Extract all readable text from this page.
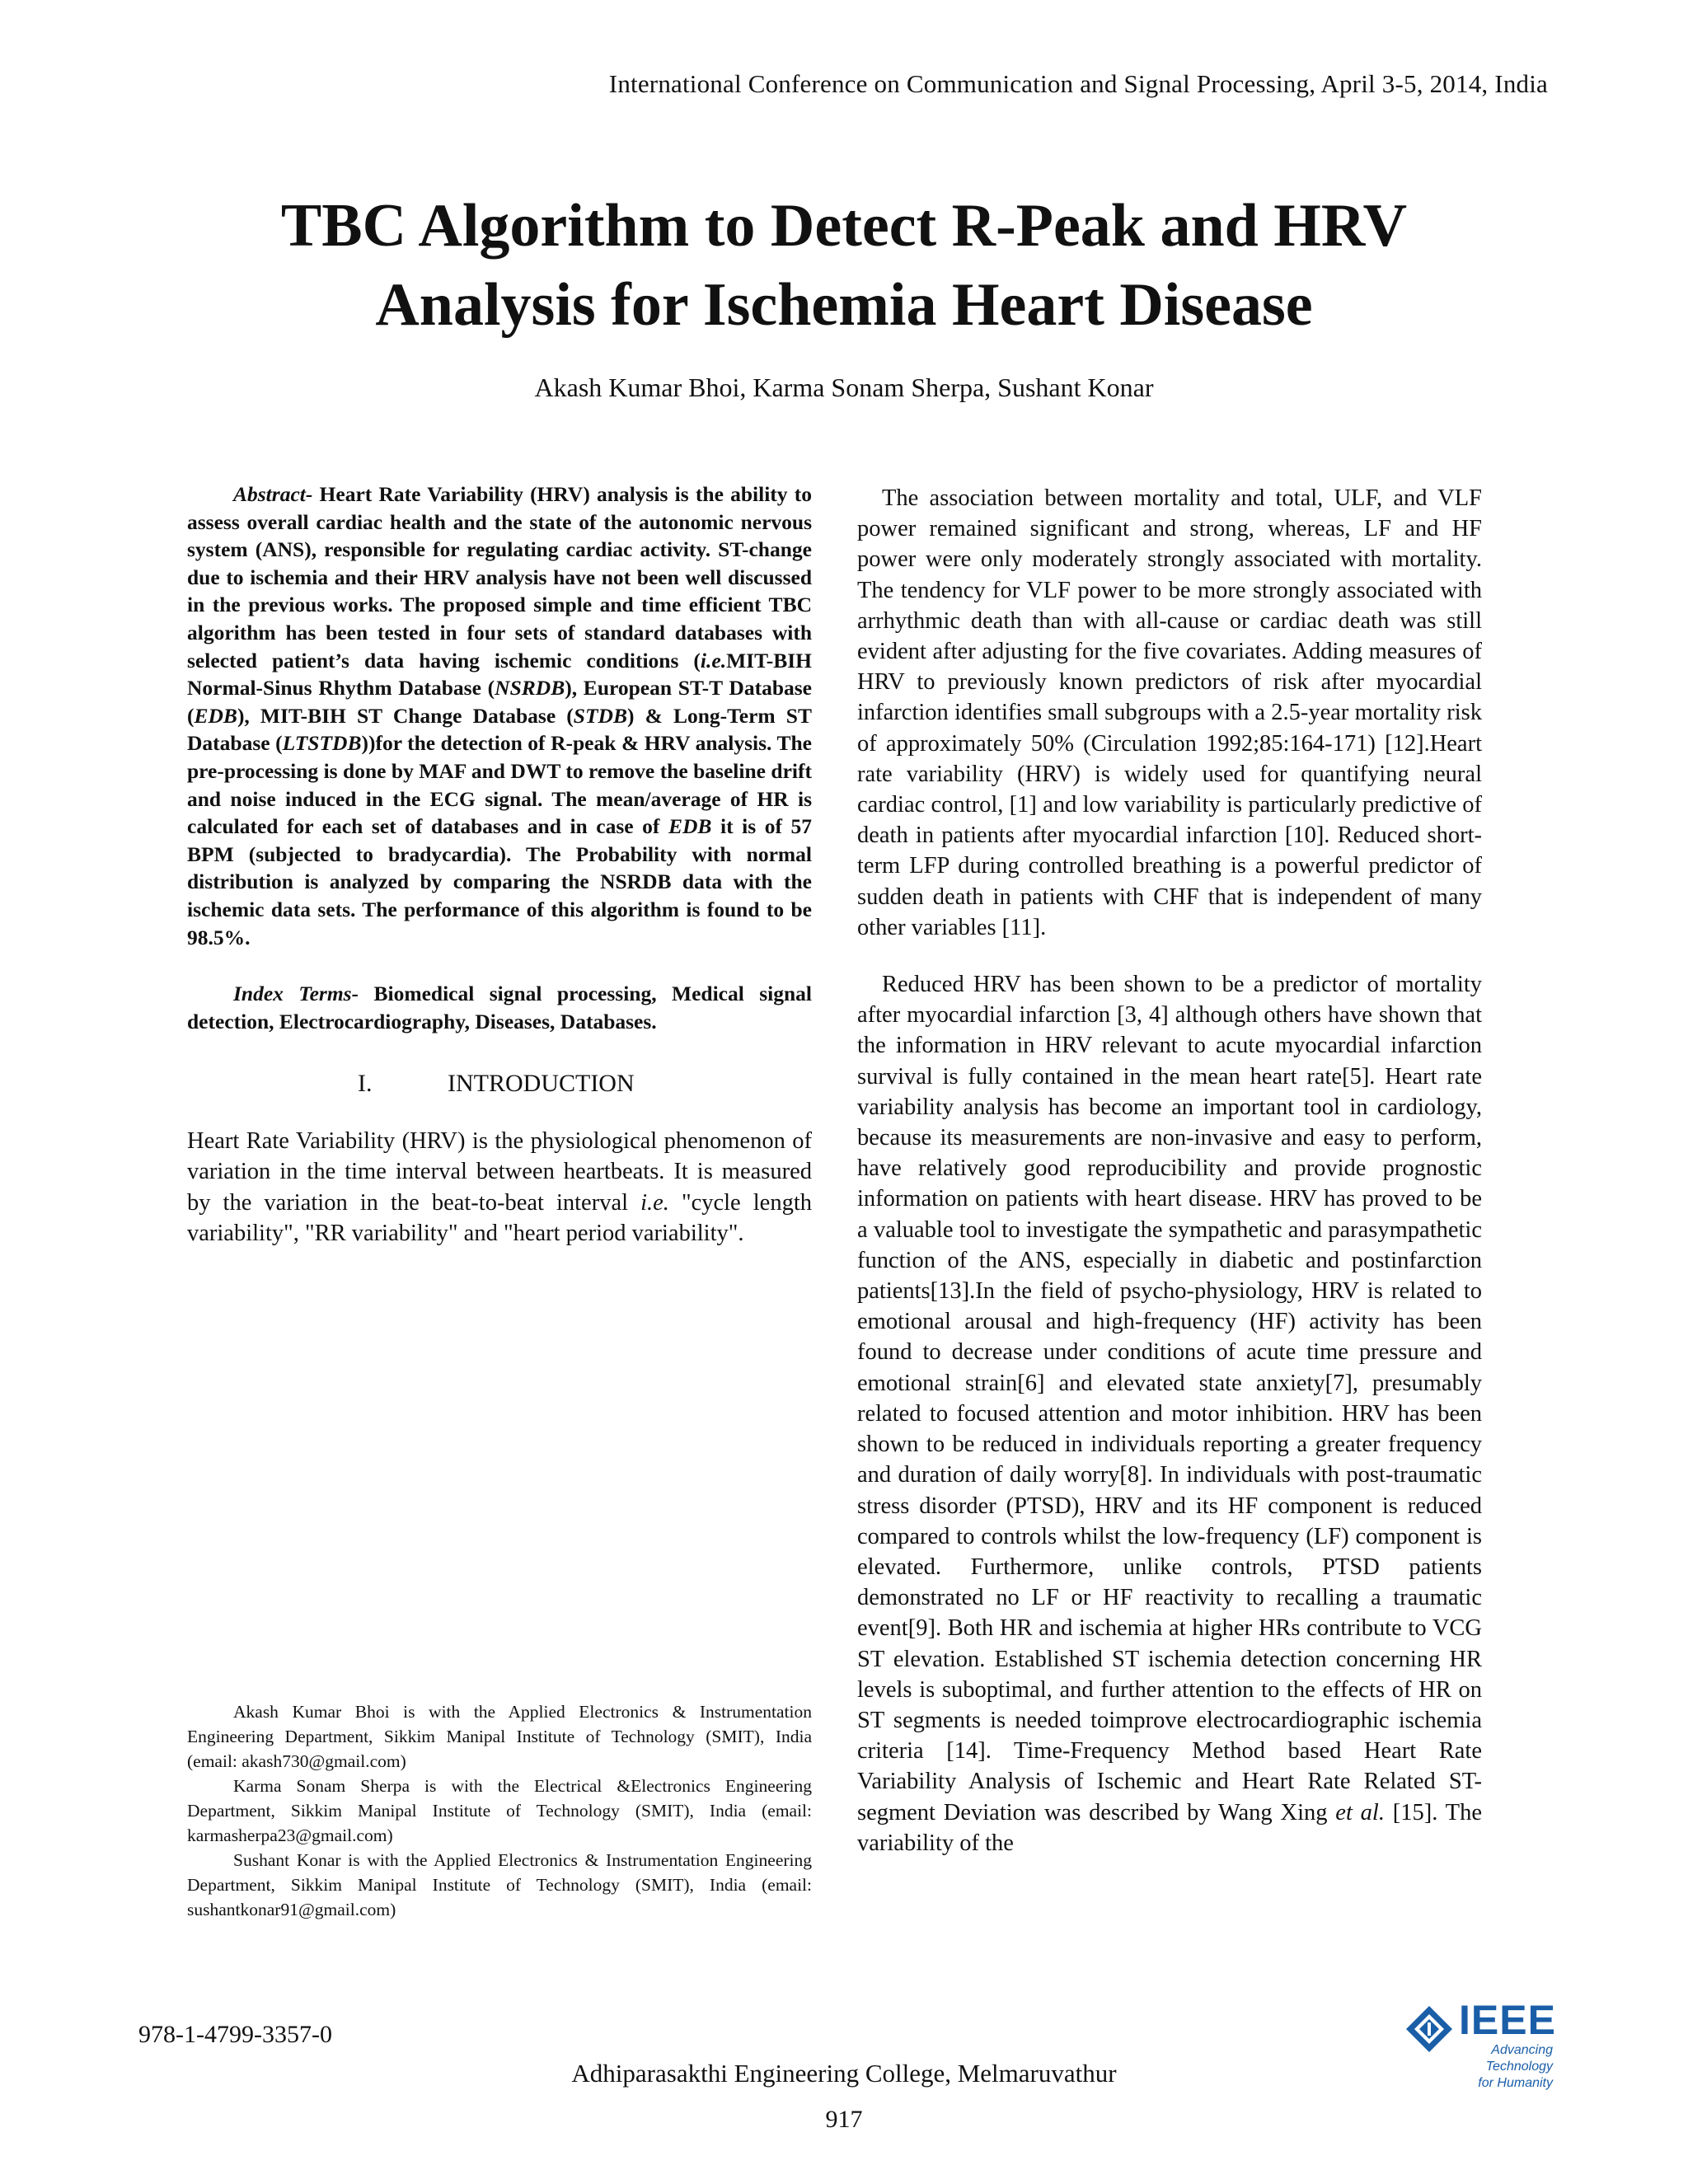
International Conference on Communication and Signal Processing, April 3-5, 2014, India
TBC Algorithm to Detect R-Peak and HRV
Analysis for Ischemia Heart Disease
Akash Kumar Bhoi, Karma Sonam Sherpa, Sushant Konar

Abstract- Heart Rate Variability (HRV) analysis is the ability to assess overall cardiac health and the state of the autonomic nervous system (ANS), responsible for regulating cardiac activity. ST-change due to ischemia and their HRV analysis have not been well discussed in the previous works. The proposed simple and time efficient TBC algorithm has been tested in four sets of standard databases with selected patient’s data having ischemic conditions (i.e.MIT-BIH Normal-Sinus Rhythm Database (NSRDB), European ST-T Database (EDB), MIT-BIH ST Change Database (STDB) & Long-Term ST Database (LTSTDB))for the detection of R-peak & HRV analysis. The pre-processing is done by MAF and DWT to remove the baseline drift and noise induced in the ECG signal. The mean/average of HR is calculated for each set of databases and in case of EDB it is of 57 BPM (subjected to bradycardia). The Probability with normal distribution is analyzed by comparing the NSRDB data with the ischemic data sets. The performance of this algorithm is found to be 98.5%.

Index Terms- Biomedical signal processing, Medical signal detection, Electrocardiography, Diseases, Databases.

I.	INTRODUCTION

Heart Rate Variability (HRV) is the physiological phenomenon of variation in the time interval between heartbeats. It is measured by the variation in the beat-to-beat interval i.e. "cycle length variability", "RR variability" and "heart period variability".

Akash Kumar Bhoi is with the Applied Electronics & Instrumentation Engineering Department, Sikkim Manipal Institute of Technology (SMIT), India (email: akash730@gmail.com)

Karma Sonam Sherpa is with the Electrical &Electronics Engineering Department, Sikkim Manipal Institute of Technology (SMIT), India (email: karmasherpa23@gmail.com)

Sushant Konar is with the Applied Electronics & Instrumentation Engineering Department, Sikkim Manipal Institute of Technology (SMIT), India (email: sushantkonar91@gmail.com)

The association between mortality and total, ULF, and VLF power remained significant and strong, whereas, LF and HF power were only moderately strongly associated with mortality. The tendency for VLF power to be more strongly associated with arrhythmic death than with all-cause or cardiac death was still evident after adjusting for the five covariates. Adding measures of HRV to previously known predictors of risk after myocardial infarction identifies small subgroups with a 2.5-year mortality risk of approximately 50% (Circulation 1992;85:164-171) [12].Heart rate variability (HRV) is widely used for quantifying neural cardiac control, [1] and low variability is particularly predictive of death in patients after myocardial infarction [10]. Reduced short-term LFP during controlled breathing is a powerful predictor of sudden death in patients with CHF that is independent of many other variables [11].

Reduced HRV has been shown to be a predictor of mortality after myocardial infarction [3, 4] although others have shown that the information in HRV relevant to acute myocardial infarction survival is fully contained in the mean heart rate[5]. Heart rate variability analysis has become an important tool in cardiology, because its measurements are non-invasive and easy to perform, have relatively good reproducibility and provide prognostic information on patients with heart disease. HRV has proved to be a valuable tool to investigate the sympathetic and parasympathetic function of the ANS, especially in diabetic and postinfarction patients[13].In the field of psycho-physiology, HRV is related to emotional arousal and high-frequency (HF) activity has been found to decrease under conditions of acute time pressure and emotional strain[6] and elevated state anxiety[7], presumably related to focused attention and motor inhibition. HRV has been shown to be reduced in individuals reporting a greater frequency and duration of daily worry[8]. In individuals with post-traumatic stress disorder (PTSD), HRV and its HF component is reduced compared to controls whilst the low-frequency (LF) component is elevated. Furthermore, unlike controls, PTSD patients demonstrated no LF or HF reactivity to recalling a traumatic event[9]. Both HR and ischemia at higher HRs contribute to VCG ST elevation. Established ST ischemia detection concerning HR levels is suboptimal, and further attention to the effects of HR on ST segments is needed toimprove electrocardiographic ischemia criteria [14]. Time-Frequency Method based Heart Rate Variability Analysis of Ischemic and Heart Rate Related ST-segment Deviation was described by Wang Xing et al. [15]. The variability of the

978-1-4799-3357-0	IEEE
Advancing Technology
for Humanity
Adhiparasakthi Engineering College, Melmaruvathur
917
